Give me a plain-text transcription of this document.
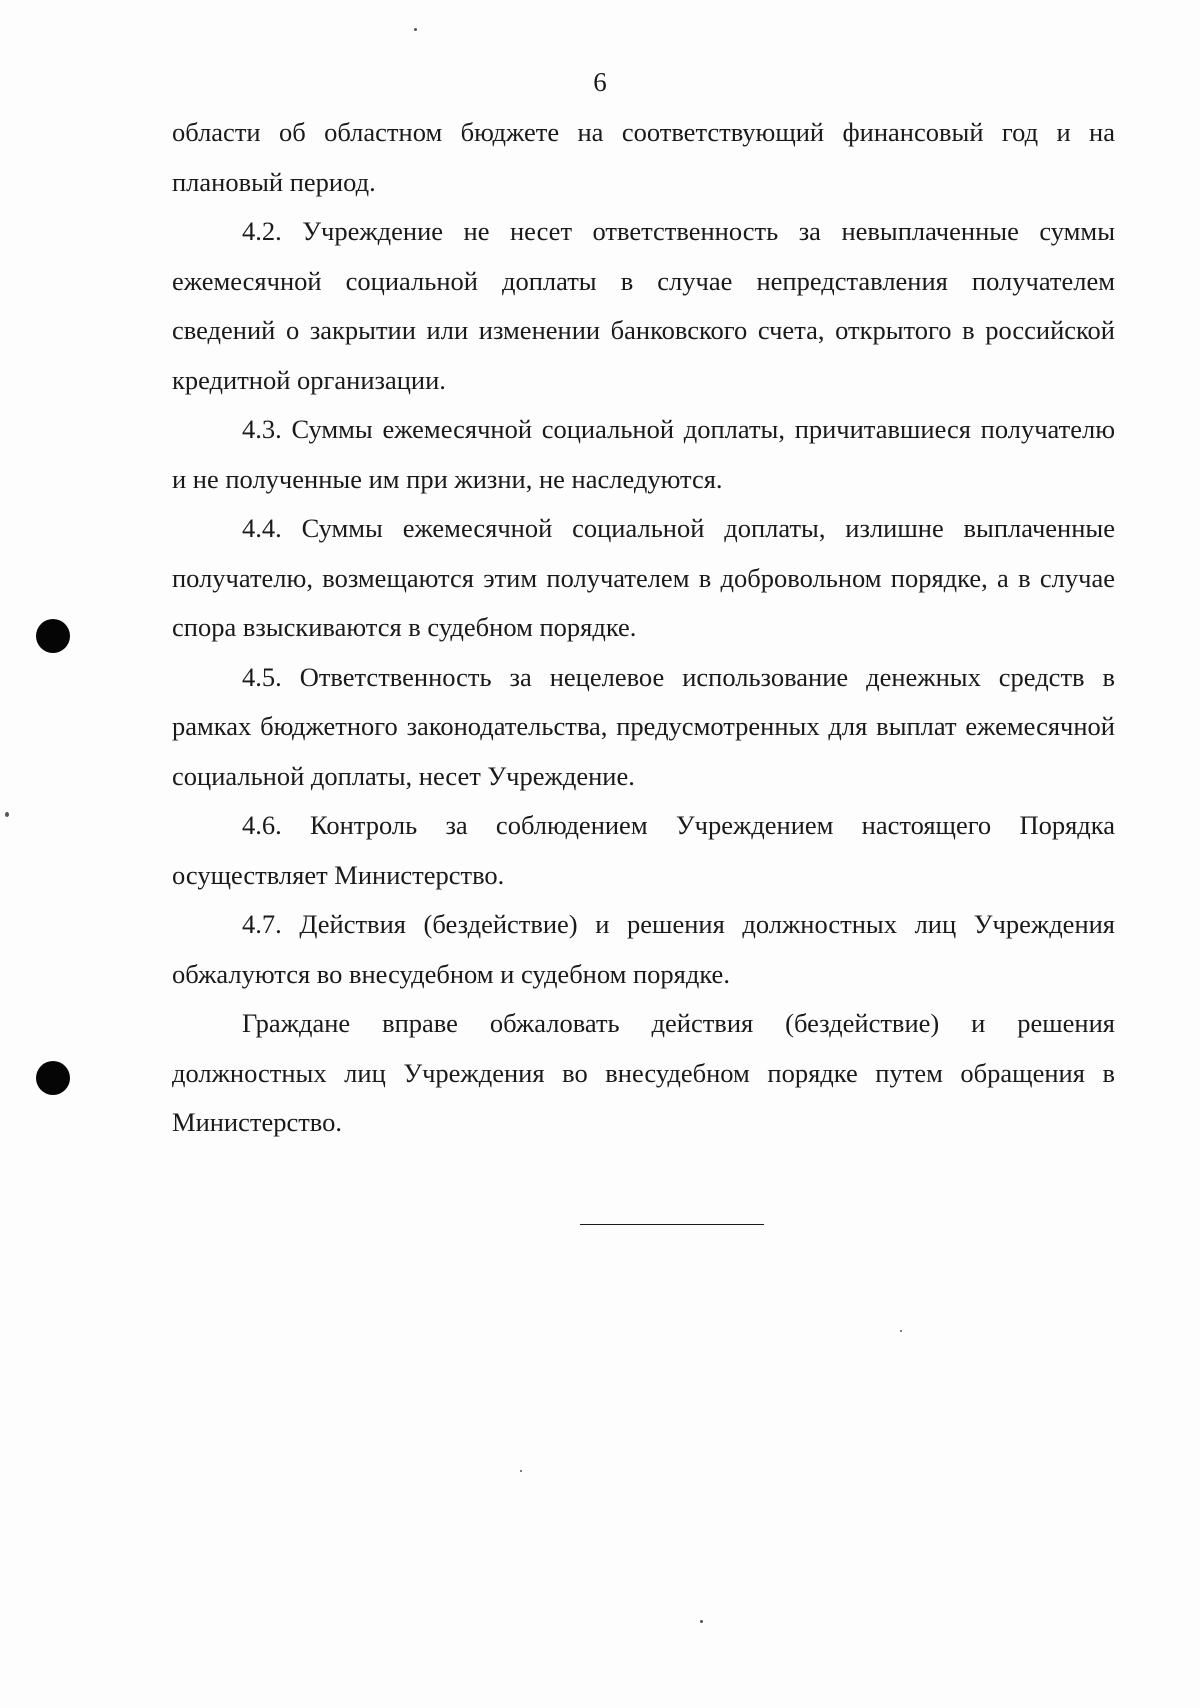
6

области об областном бюджете на соответствующий финансовый год и на плановый период.

4.2. Учреждение не несет ответственность за невыплаченные суммы ежемесячной социальной доплаты в случае непредставления получателем сведений о закрытии или изменении банковского счета, открытого в российской кредитной организации.

4.3. Суммы ежемесячной социальной доплаты, причитавшиеся получателю и не полученные им при жизни, не наследуются.

4.4. Суммы ежемесячной социальной доплаты, излишне выплаченные получателю, возмещаются этим получателем в добровольном порядке, а в случае спора взыскиваются в судебном порядке.

4.5. Ответственность за нецелевое использование денежных средств в рамках бюджетного законодательства, предусмотренных для выплат ежемесячной социальной доплаты, несет Учреждение.

4.6. Контроль за соблюдением Учреждением настоящего Порядка осуществляет Министерство.

4.7. Действия (бездействие) и решения должностных лиц Учреждения обжалуются во внесудебном и судебном порядке.

Граждане вправе обжаловать действия (бездействие) и решения должностных лиц Учреждения во внесудебном порядке путем обращения в Министерство.
